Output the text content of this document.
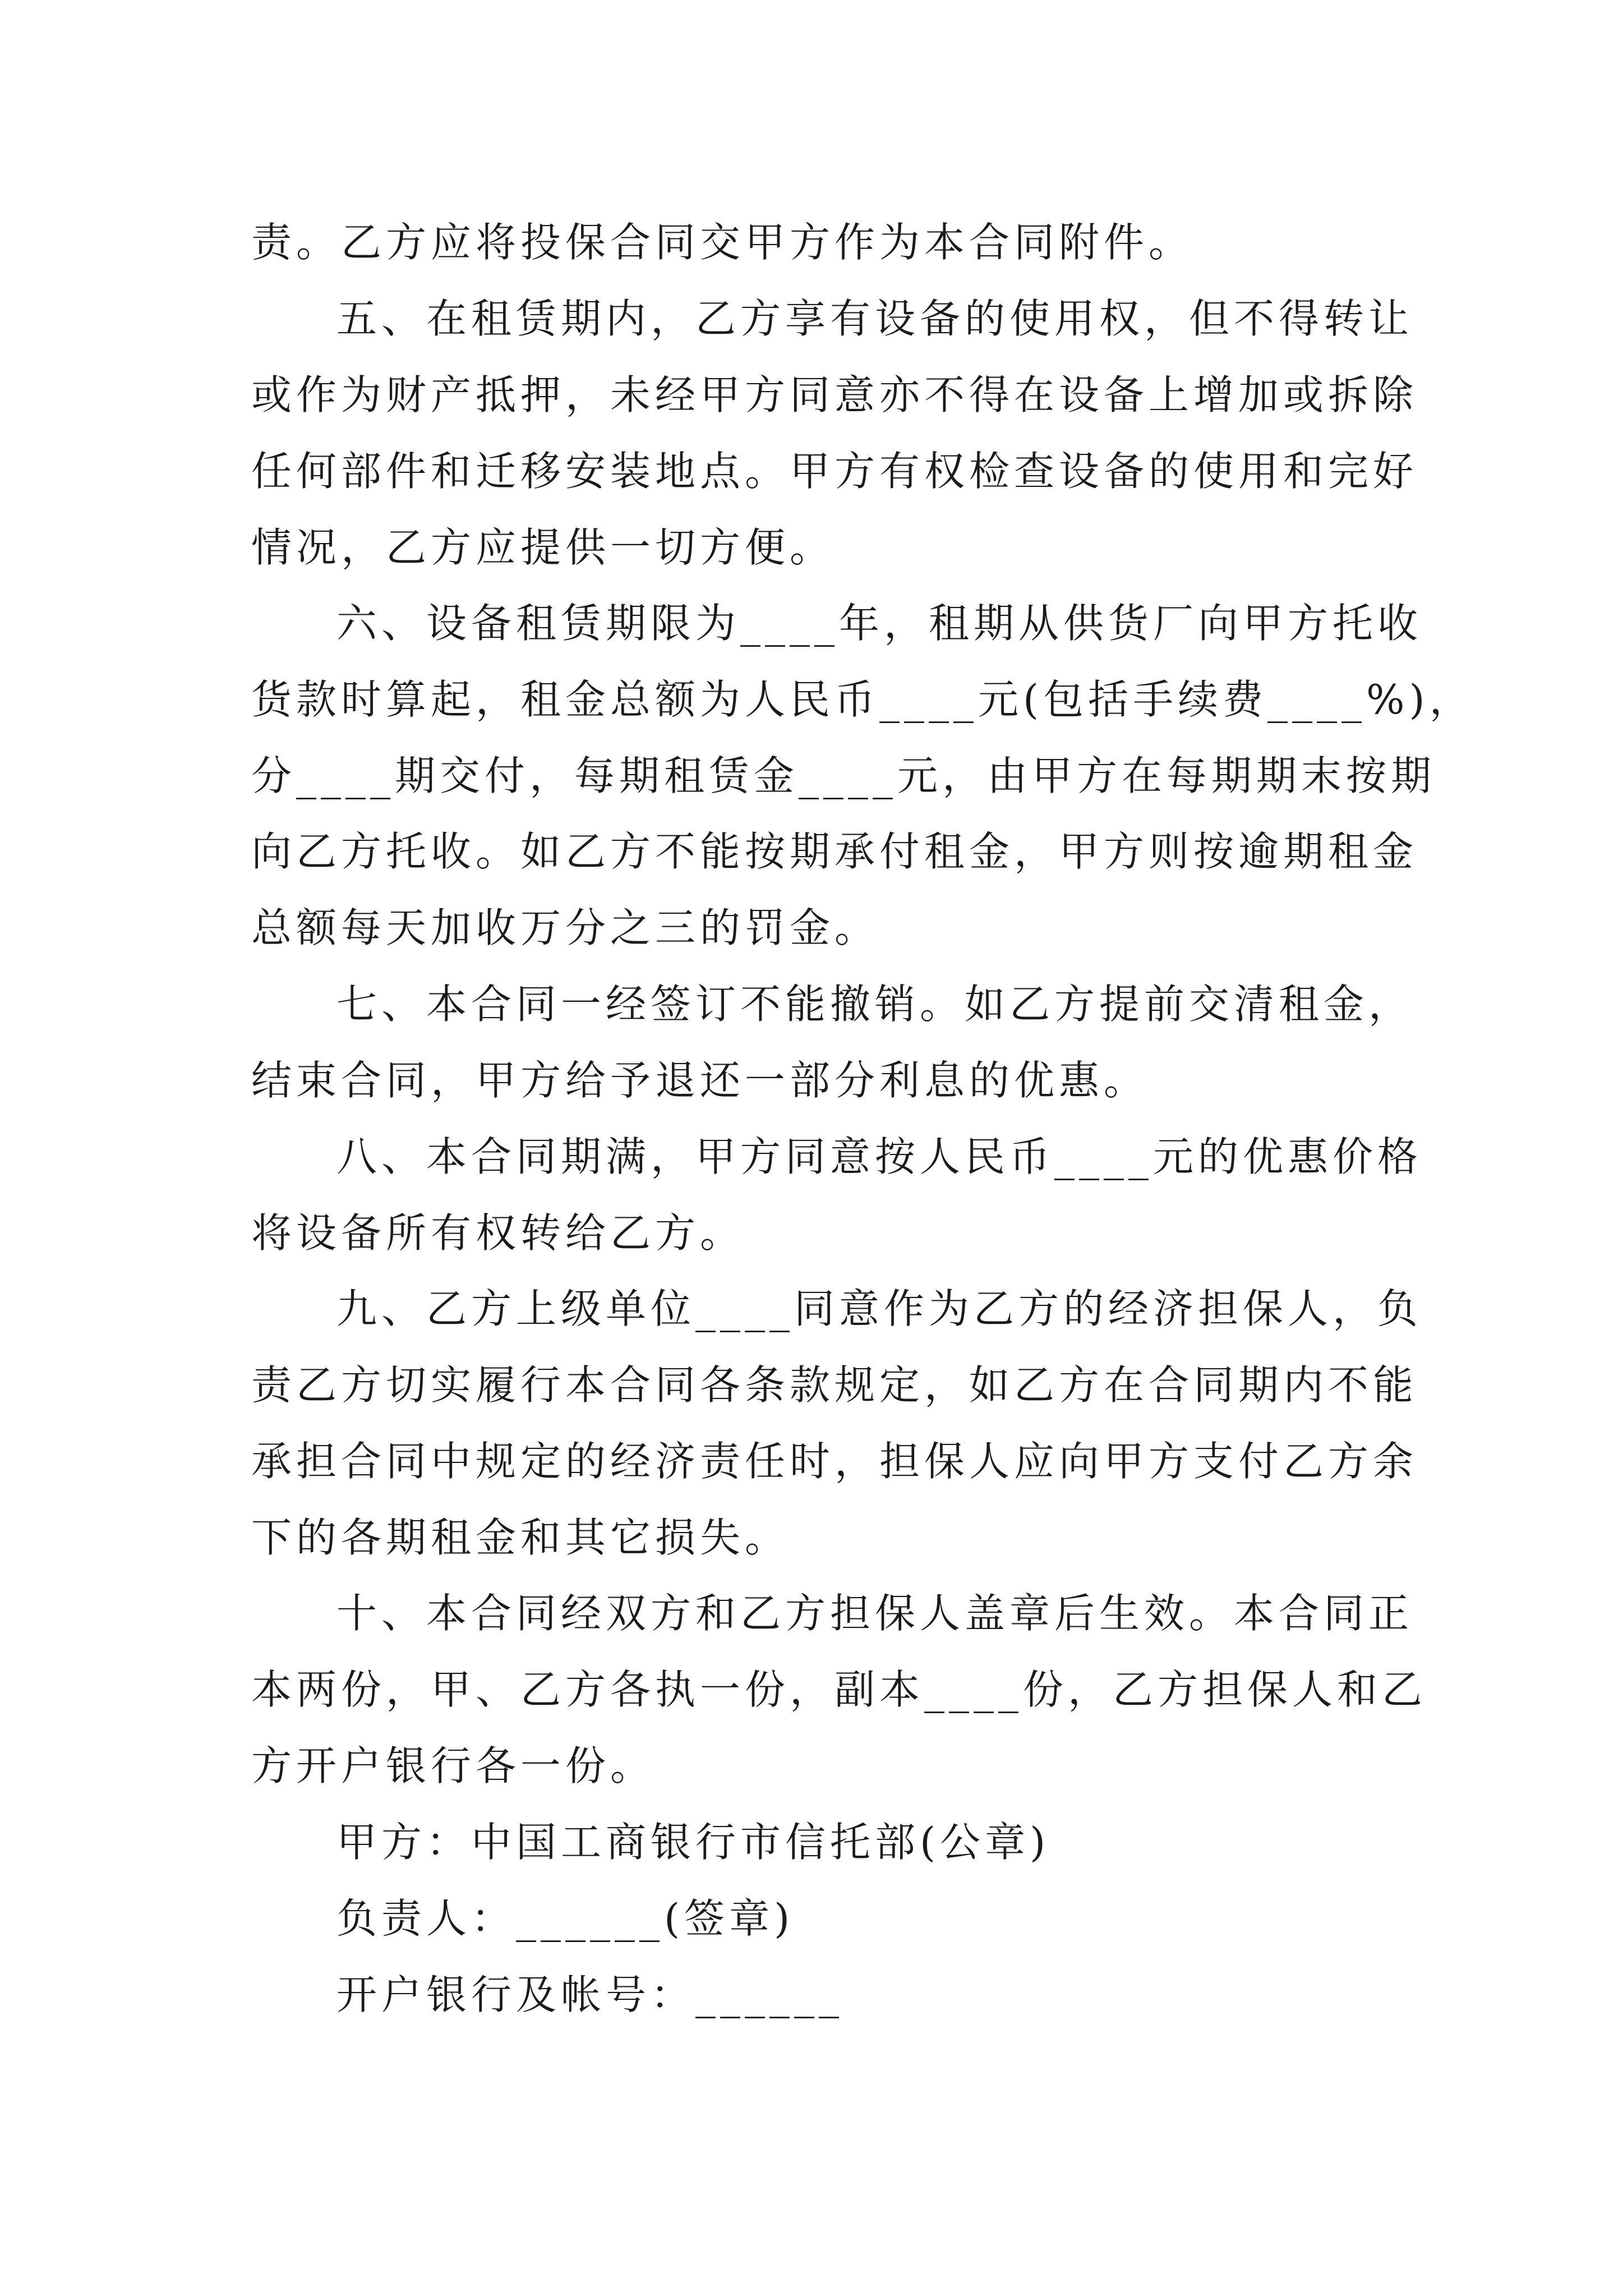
责。乙方应将投保合同交甲方作为本合同附件。

五、在租赁期内，乙方享有设备的使用权，但不得转让

或作为财产抵押，未经甲方同意亦不得在设备上增加或拆除

任何部件和迁移安装地点。甲方有权检查设备的使用和完好

情况，乙方应提供一切方便。

六、设备租赁期限为____年，租期从供货厂向甲方托收

货款时算起，租金总额为人民币____元(包括手续费____%)，

分____期交付，每期租赁金____元，由甲方在每期期末按期

向乙方托收。如乙方不能按期承付租金，甲方则按逾期租金

总额每天加收万分之三的罚金。

七、本合同一经签订不能撤销。如乙方提前交清租金，

结束合同，甲方给予退还一部分利息的优惠。

八、本合同期满，甲方同意按人民币____元的优惠价格

将设备所有权转给乙方。

九、乙方上级单位____同意作为乙方的经济担保人，负

责乙方切实履行本合同各条款规定，如乙方在合同期内不能

承担合同中规定的经济责任时，担保人应向甲方支付乙方余

下的各期租金和其它损失。

十、本合同经双方和乙方担保人盖章后生效。本合同正

本两份，甲、乙方各执一份，副本____份，乙方担保人和乙

方开户银行各一份。

甲方：中国工商银行市信托部(公章)

负责人：______(签章)

开户银行及帐号：______
